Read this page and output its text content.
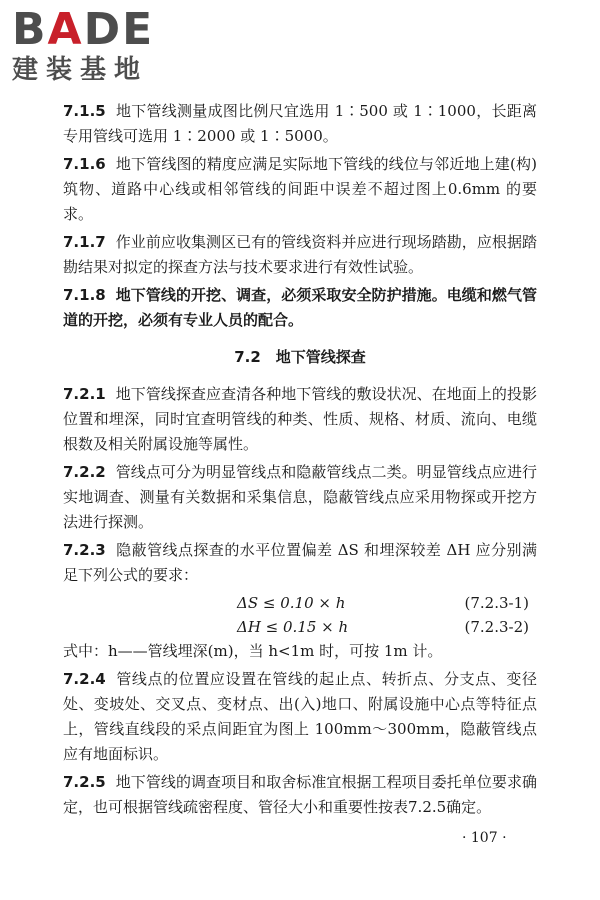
BADE
建装基地

7.1.5 地下管线测量成图比例尺宜选用 1∶500 或 1∶1000，长距离专用管线可选用 1∶2000 或 1∶5000。

7.1.6 地下管线图的精度应满足实际地下管线的线位与邻近地上建(构)筑物、道路中心线或相邻管线的间距中误差不超过图上0.6mm 的要求。

7.1.7 作业前应收集测区已有的管线资料并应进行现场踏勘，应根据踏勘结果对拟定的探查方法与技术要求进行有效性试验。

7.1.8 地下管线的开挖、调查，必须采取安全防护措施。电缆和燃气管道的开挖，必须有专业人员的配合。

7.2　地下管线探查

7.2.1 地下管线探查应查清各种地下管线的敷设状况、在地面上的投影位置和埋深，同时宜查明管线的种类、性质、规格、材质、流向、电缆根数及相关附属设施等属性。

7.2.2 管线点可分为明显管线点和隐蔽管线点二类。明显管线点应进行实地调查、测量有关数据和采集信息，隐蔽管线点应采用物探或开挖方法进行探测。

7.2.3 隐蔽管线点探查的水平位置偏差 ΔS 和埋深较差 ΔH 应分别满足下列公式的要求：

ΔS ≤ 0.10 × h	(7.2.3-1)
ΔH ≤ 0.15 × h	(7.2.3-2)

式中：h——管线埋深(m)，当 h<1m 时，可按 1m 计。

7.2.4 管线点的位置应设置在管线的起止点、转折点、分支点、变径处、变坡处、交叉点、变材点、出(入)地口、附属设施中心点等特征点上，管线直线段的采点间距宜为图上 100mm～300mm，隐蔽管线点应有地面标识。

7.2.5 地下管线的调查项目和取舍标准宜根据工程项目委托单位要求确定，也可根据管线疏密程度、管径大小和重要性按表7.2.5确定。

· 107 ·
